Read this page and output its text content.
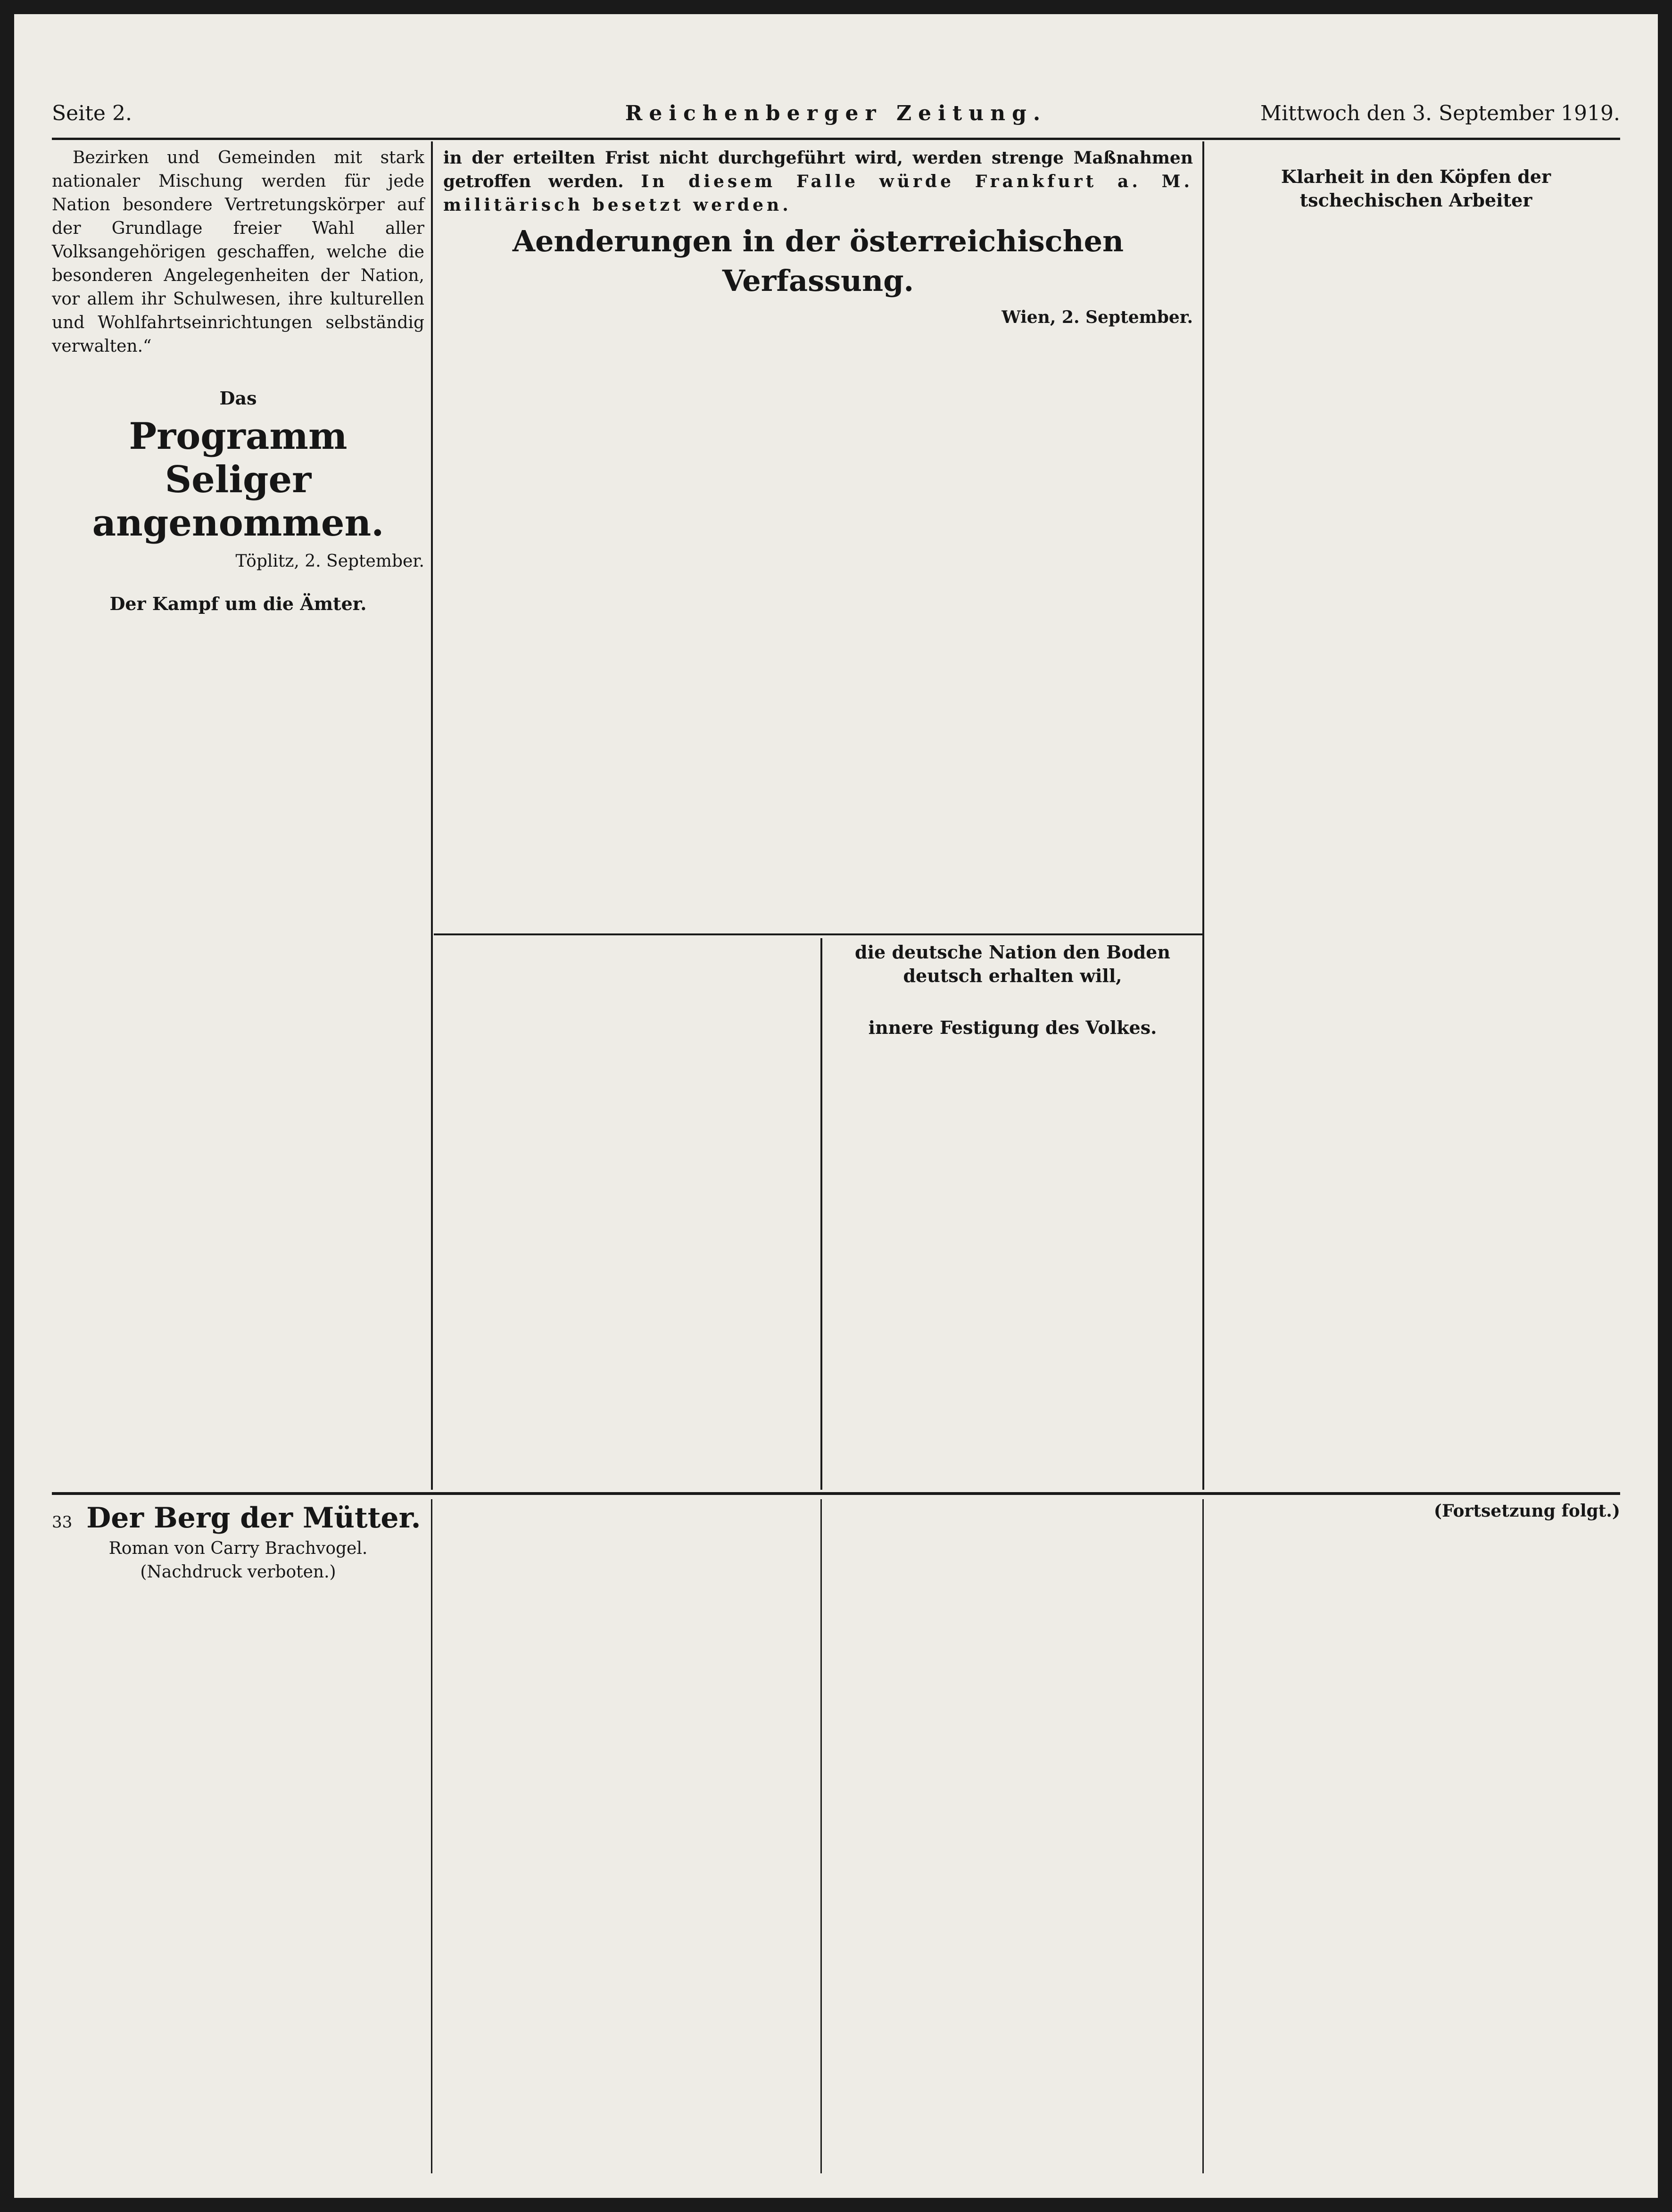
Seite 2.	Reichenberger Zeitung.	Mittwoch den 3. September 1919.

Bezirken und Gemeinden mit stark nationaler Mischung werden für jede Nation besondere Vertretungskörper auf der Grundlage freier Wahl aller Volksangehörigen geschaffen, welche die besonderen Angelegenheiten der Nation, vor allem ihr Schulwesen, ihre kulturellen und Wohlfahrtseinrichtungen selbständig verwalten.“

Das
Programm Seliger angenommen.
Töplitz, 2. September.
Der Kampf um die Ämter.

in der erteilten Frist nicht durchgeführt wird, werden strenge Maßnahmen getroffen werden. In diesem Falle würde Frankfurt a. M. militärisch besetzt werden.

Aenderungen in der österreichischen Verfassung.
Wien, 2. September.
die deutsche Nation den Boden deutsch erhalten will,
innere Festigung des Volkes.
Klarheit in den Köpfen der tschechischen Arbeiter
33 Der Berg der Mütter.
Roman von Carry Brachvogel.
(Nachdruck verboten.)
(Fortsetzung folgt.)
